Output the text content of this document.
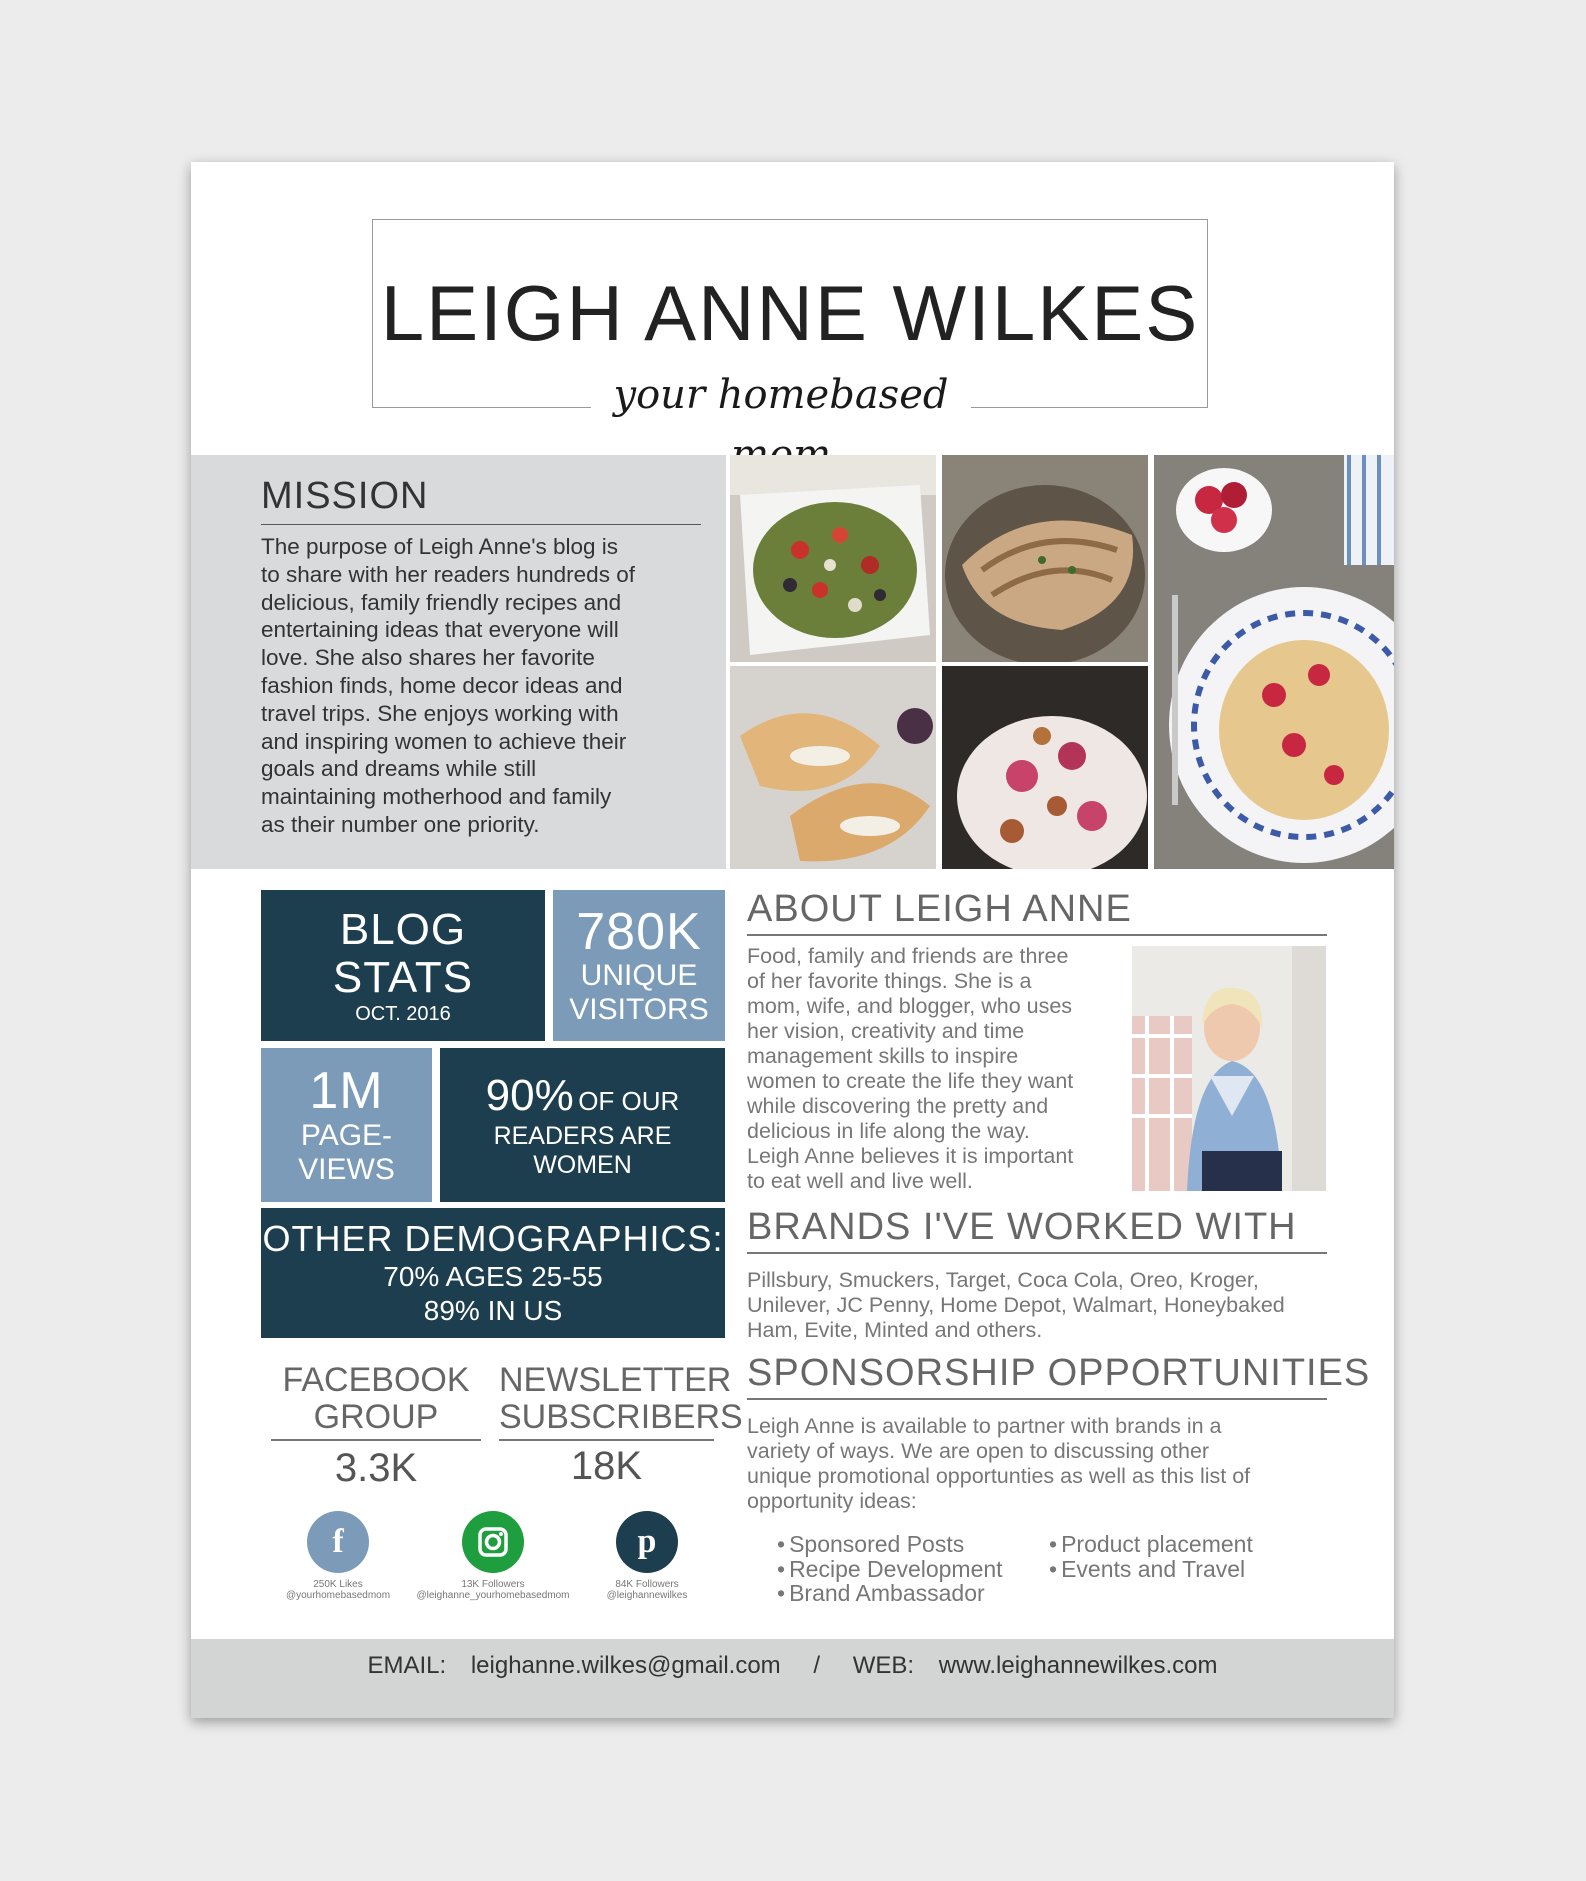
LEIGH ANNE WILKES
your homebased
MISSION

The purpose of Leigh Anne's blog is
to share with her readers hundreds of
delicious, family friendly recipes and
entertaining ideas that everyone will
love. She also shares her favorite
fashion finds, home decor ideas and
travel trips. She enjoys working with
and inspiring women to achieve their
goals and dreams while still
maintaining motherhood and family
as their number one priority.

BLOG
STATS
OCT. 2016
780K
UNIQUE
VISITORS
1M
PAGE-
VIEWS
90% OF OUR
READERS ARE
WOMEN
OTHER DEMOGRAPHICS:
70% AGES 25-55
89% IN US
FACEBOOK
GROUP
3.3K
NEWSLETTER
SUBSCRIBERS
18K
f
250K Likes
@yourhomebasedmom
13K Followers
@leighanne_yourhomebasedmom
p
84K Followers
@leighannewilkes
ABOUT LEIGH ANNE

Food, family and friends are three
of her favorite things. She is a
mom, wife, and blogger, who uses
her vision, creativity and time
management skills to inspire
women to create the life they want
while discovering the pretty and
delicious in life along the way.
Leigh Anne believes it is important
to eat well and live well.

BRANDS I'VE WORKED WITH

Pillsbury, Smuckers, Target, Coca Cola, Oreo, Kroger,
Unilever, JC Penny, Home Depot, Walmart, Honeybaked
Ham, Evite, Minted and others.

SPONSORSHIP OPPORTUNITIES

Leigh Anne is available to partner with brands in a
variety of ways. We are open to discussing other
unique promotional opportunties as well as this list of
opportunity ideas:

• Sponsored Posts
• Recipe Development
• Brand Ambassador
• Product placement
• Events and Travel
EMAIL: leighanne.wilkes@gmail.com / WEB: www.leighannewilkes.com
